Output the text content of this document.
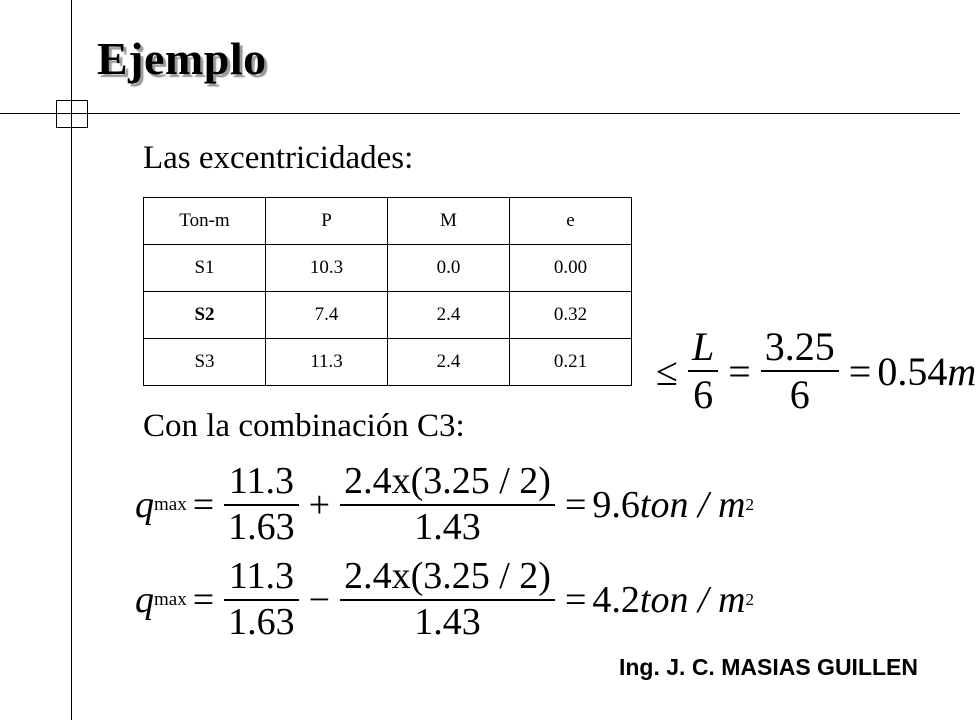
Ejemplo
Las excentricidades:
Ton-m	P	M	e
S1	10.3	0.0	0.00
S2	7.4	2.4	0.32
S3	11.3	2.4	$0.21 \le \frac{L}{6} = \frac{3.25}{6} = 0.54$ m
Con la combinación C3:
q $\max = \frac{11.3}{1.63} + \frac{2.4x(3.25 / 2)}{1.43} = 9.6$ ton / m 2
q $\max = \frac{11.3}{1.63} - \frac{2.4x(3.25 / 2)}{1.43} = 4.2$ ton / m 2
Ing. J. C. MASIAS GUILLEN
